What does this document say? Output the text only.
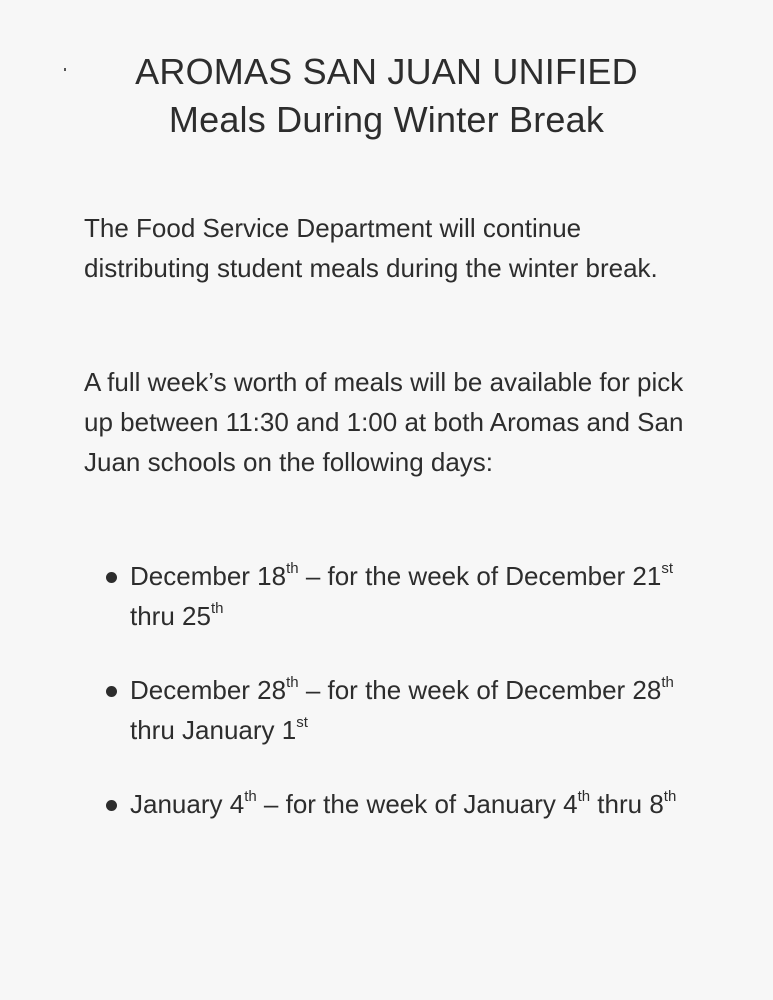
AROMAS SAN JUAN UNIFIED
Meals During Winter Break

The Food Service Department will continue distributing student meals during the winter break.

A full week’s worth of meals will be available for pick up between 11:30 and 1:00 at both Aromas and San Juan schools on the following days:

December 18th – for the week of December 21st thru 25th
December 28th – for the week of December 28th thru January 1st
January 4th – for the week of January 4th thru 8th
